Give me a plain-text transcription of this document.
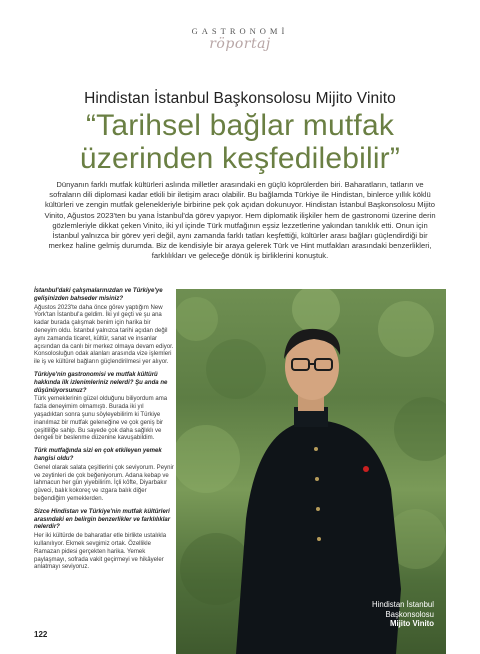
GASTRONOMİ
röportaj
Hindistan İstanbul Başkonsolosu Mijito Vinito
“Tarihsel bağlar mutfak
üzerinden keşfedilebilir”
Dünyanın farklı mutfak kültürleri aslında milletler arasındaki en güçlü köprülerden biri. Baharatların, tatların ve sofraların dili diplomasi kadar etkili bir iletişim aracı olabilir. Bu bağlamda Türkiye ile Hindistan, binlerce yıllık köklü kültürleri ve zengin mutfak gelenekleriyle birbirine pek çok açıdan dokunuyor. Hindistan İstanbul Başkonsolosu Mijito Vinito, Ağustos 2023'ten bu yana İstanbul'da görev yapıyor. Hem diplomatik ilişkiler hem de gastronomi üzerine derin gözlemleriyle dikkat çeken Vinito, iki yıl içinde Türk mutfağının eşsiz lezzetlerine yakından tanıklık etti. Onun için İstanbul yalnızca bir görev yeri değil, aynı zamanda farklı tatları keşfettiği, kültürler arası bağları güçlendirdiği bir merkez haline gelmiş durumda. Biz de kendisiyle bir araya gelerek Türk ve Hint mutfakları arasındaki benzerlikleri, farklılıkları ve geleceğe dönük iş birliklerini konuştuk.
İstanbul'daki çalışmalarınızdan ve Türkiye'ye gelişinizden bahseder misiniz?
Ağustos 2023'te daha önce görev yaptığım New York'tan İstanbul'a geldim. İki yıl geçti ve şu ana kadar burada çalışmak benim için harika bir deneyim oldu. İstanbul yalnızca tarihi açıdan değil aynı zamanda ticaret, kültür, sanat ve insanlar açısından da canlı bir merkez olmaya devam ediyor. Konsolosluğun odak alanları arasında vize işlemleri ile iş ve kültürel bağların güçlendirilmesi yer alıyor.
Türkiye'nin gastronomisi ve mutfak kültürü hakkında ilk izlenimleriniz nelerdi? Şu anda ne düşünüyorsunuz?
Türk yemeklerinin güzel olduğunu biliyordum ama fazla deneyimim olmamıştı. Burada iki yıl yaşadıktan sonra şunu söyleyebilirim ki Türkiye inanılmaz bir mutfak geleneğine ve çok geniş bir çeşitliliğe sahip. Bu sayede çok daha sağlıklı ve dengeli bir beslenme düzenine kavuşabildim.
Türk mutfağında sizi en çok etkileyen yemek hangisi oldu?
Genel olarak salata çeşitlerini çok seviyorum. Peynir ve zeytinleri de çok beğeniyorum. Adana kebap ve lahmacun her gün yiyebilirim. İçli köfte, Diyarbakır güveci, balık kokoreç ve ızgara balık diğer beğendiğim yemeklerden.
Sizce Hindistan ve Türkiye'nin mutfak kültürleri arasındaki en belirgin benzerlikler ve farklılıklar nelerdir?
Her iki kültürde de baharatlar etle birlikte ustalıkla kullanılıyor. Ekmek sevgimiz ortak. Özellikle Ramazan pidesi gerçekten harika. Yemek paylaşmayı, sofrada vakit geçirmeyi ve hikâyeler anlatmayı seviyoruz.
Hindistan İstanbul
Başkonsolosu
Mijito Vinito
122
